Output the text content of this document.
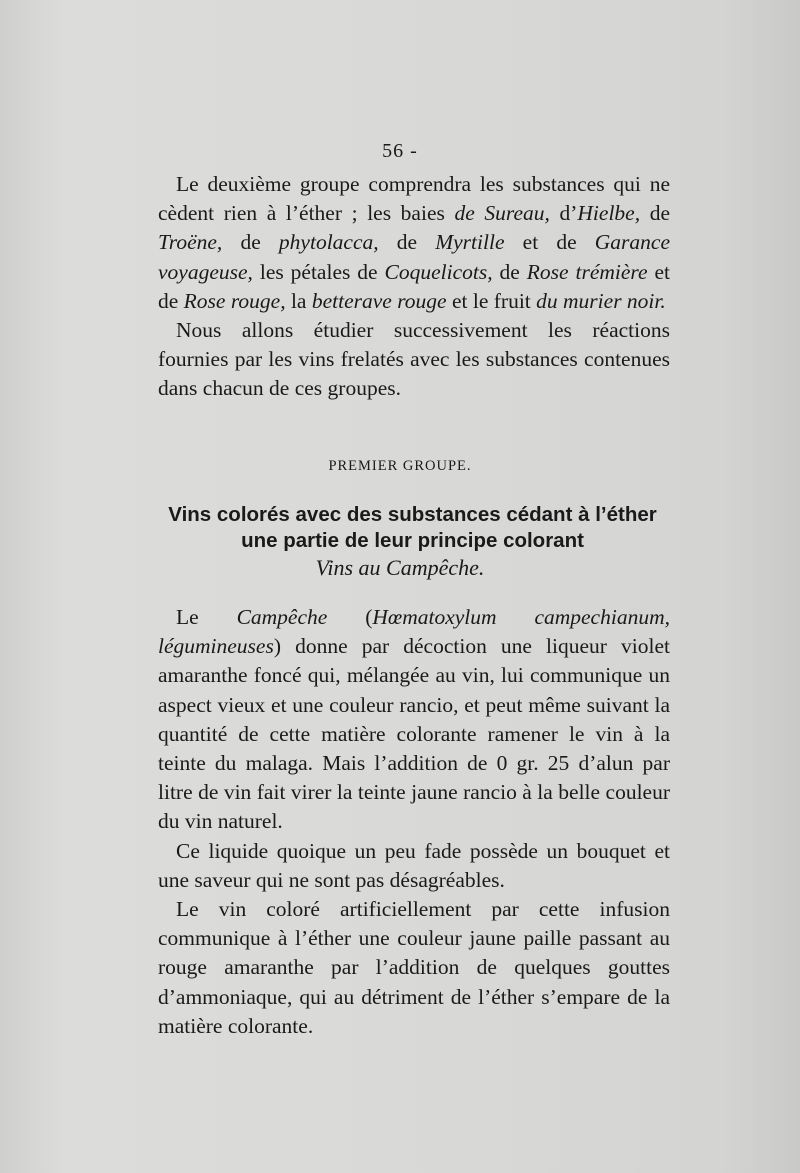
56 -

Le deuxième groupe comprendra les substances qui ne cèdent rien à l’éther ; les baies de Sureau, d’Hielbe, de Troëne, de phytolacca, de Myrtille et de Garance voyageuse, les pétales de Coquelicots, de Rose trémière et de Rose rouge, la betterave rouge et le fruit du murier noir.

Nous allons étudier successivement les réactions fournies par les vins frelatés avec les substances contenues dans chacun de ces groupes.

PREMIER GROUPE.
Vins colorés avec des substances cédant à l’éther
une partie de leur principe colorant
Vins au Campêche.

Le Campêche (Hœmatoxylum campechianum, légumineuses) donne par décoction une liqueur violet amaranthe foncé qui, mélangée au vin, lui communique un aspect vieux et une couleur rancio, et peut même suivant la quantité de cette matière colorante ramener le vin à la teinte du malaga. Mais l’addition de 0 gr. 25 d’alun par litre de vin fait virer la teinte jaune rancio à la belle couleur du vin naturel.

Ce liquide quoique un peu fade possède un bouquet et une saveur qui ne sont pas désagréables.

Le vin coloré artificiellement par cette infusion communique à l’éther une couleur jaune paille passant au rouge amaranthe par l’addition de quelques gouttes d’ammoniaque, qui au détriment de l’éther s’empare de la matière colorante.
